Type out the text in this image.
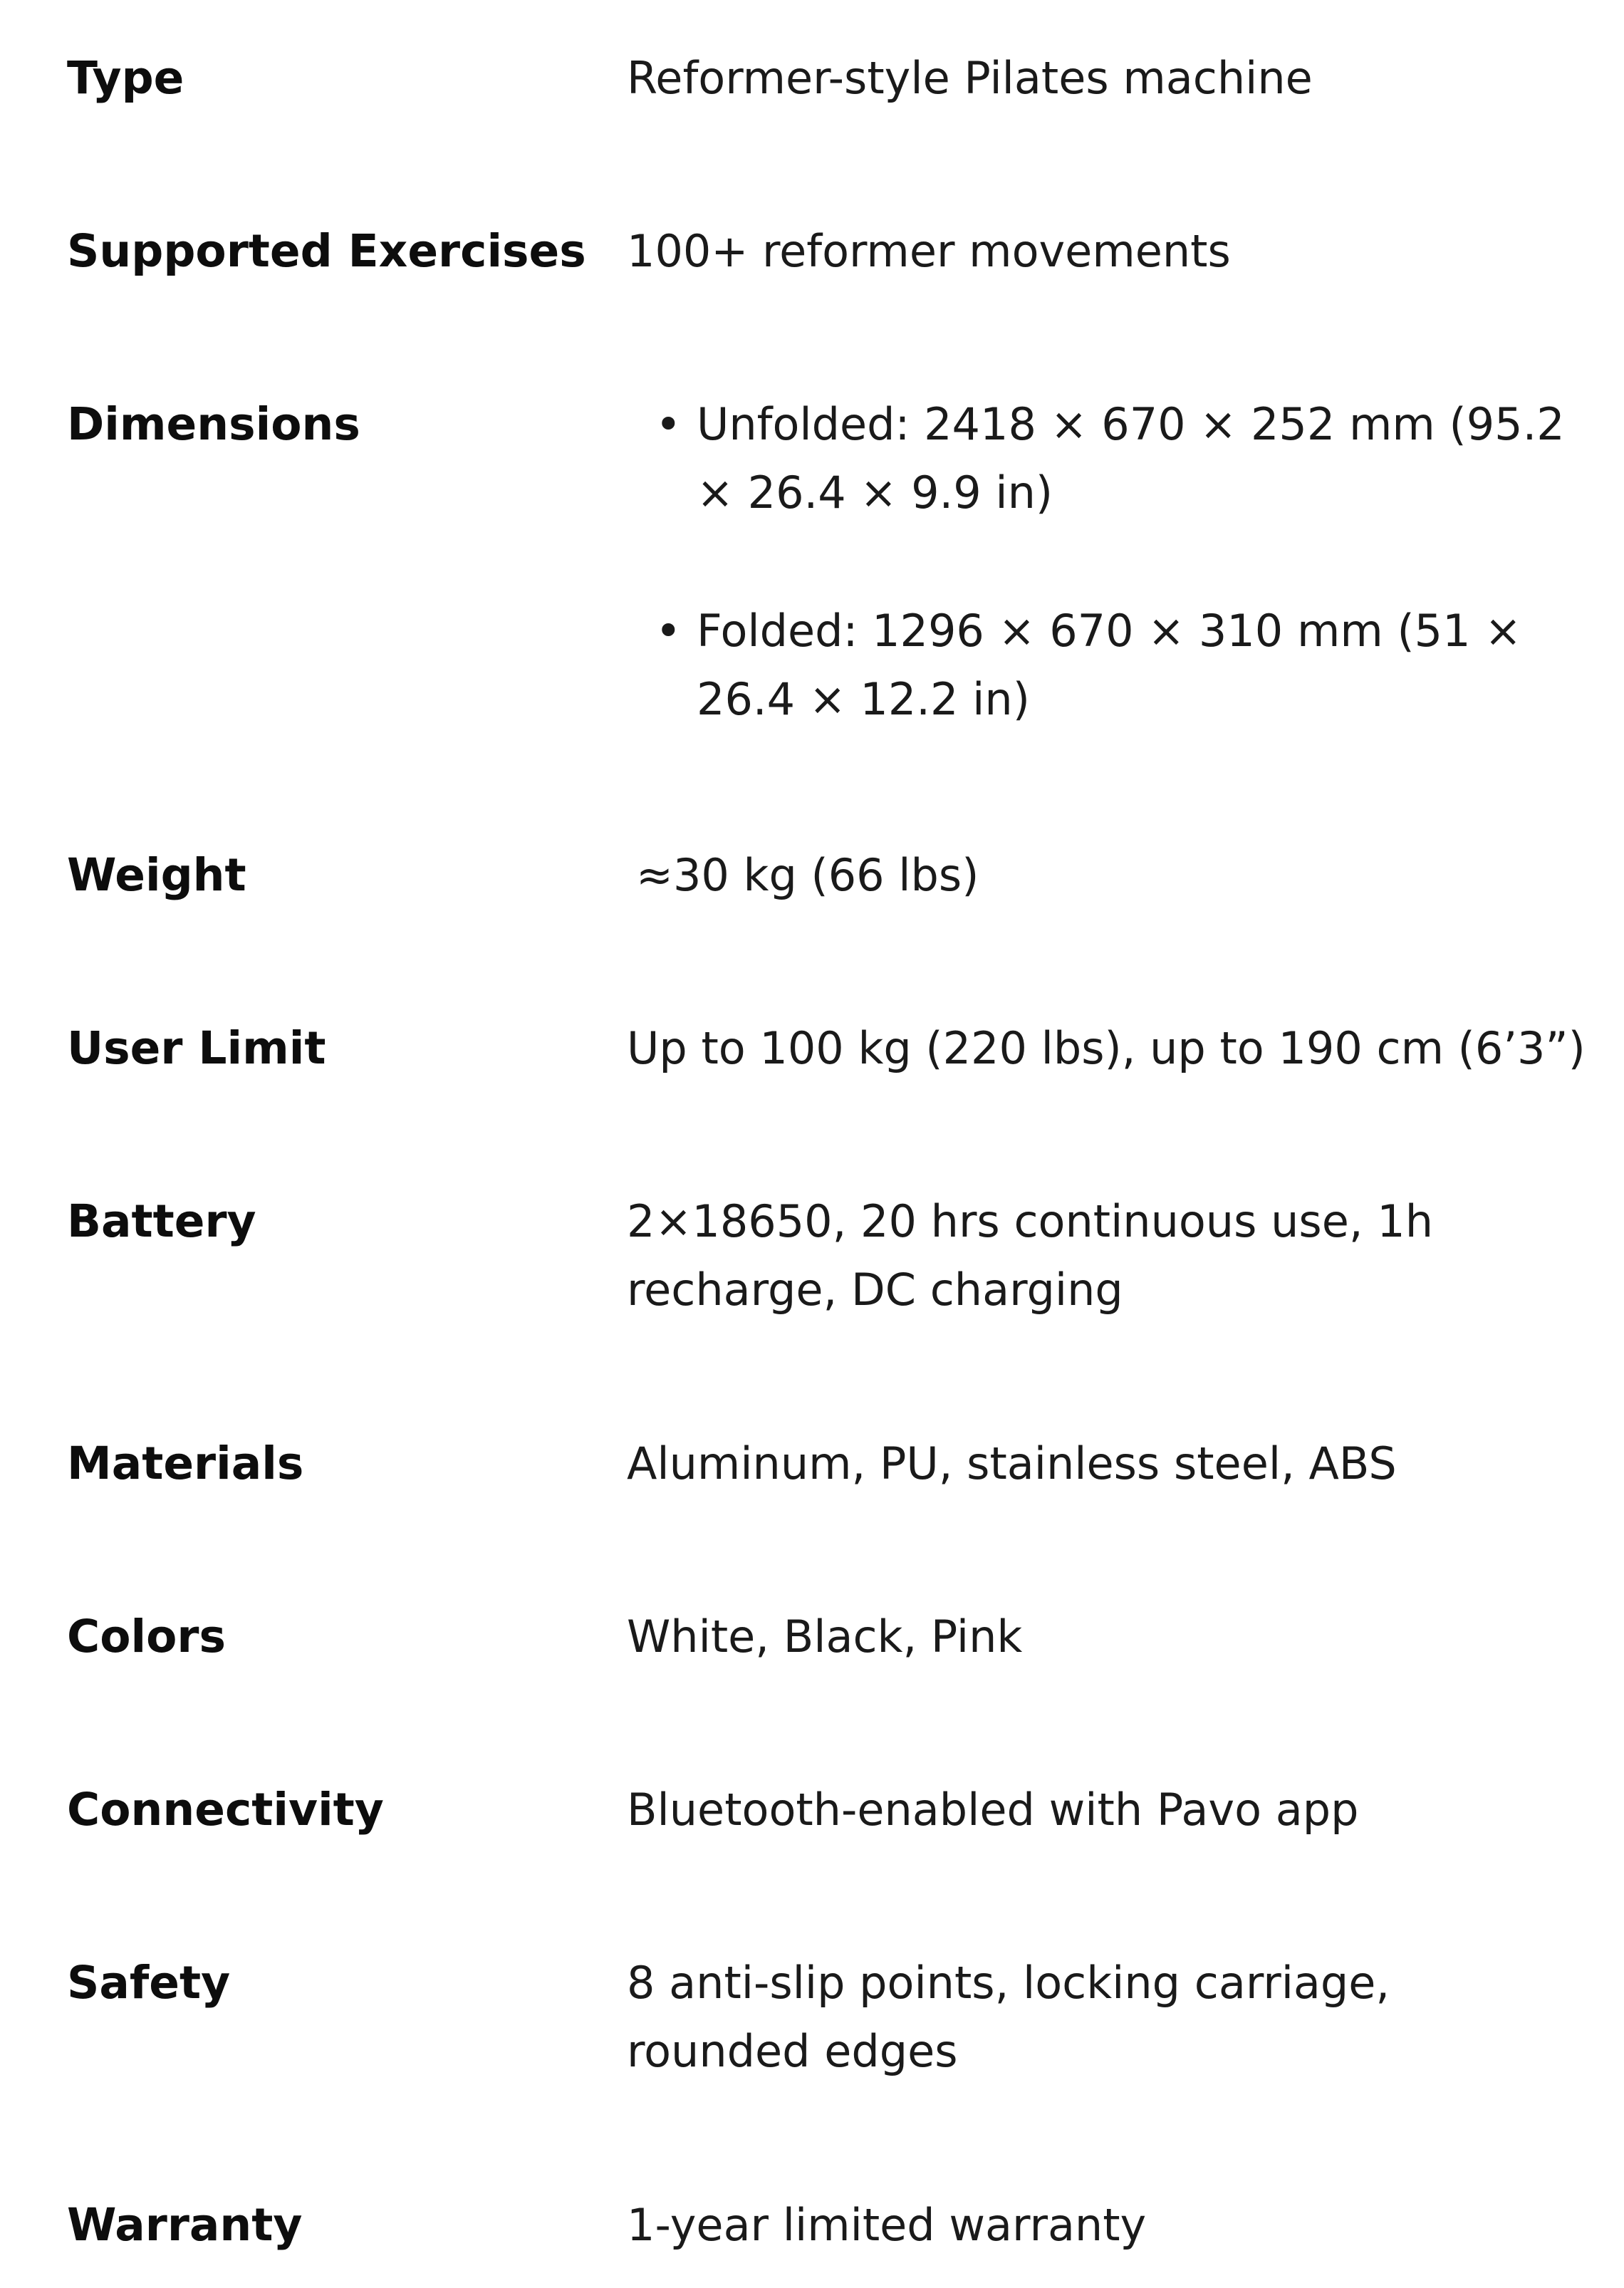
Type	Reformer-style Pilates machine
Supported Exercises 100+ reformer movements
Dimensions	• Unfolded: 2418 × 670 × 252 mm (95.2 × 26.4 × 9.9 in)
• Folded: 1296 × 670 × 310 mm (51 × 26.4 × 12.2 in)
Weight	≈30 kg (66 lbs)
User Limit	Up to 100 kg (220 lbs), up to 190 cm (6’3”)
Battery	2×18650, 20 hrs continuous use, 1h recharge, DC charging
Materials	Aluminum, PU, stainless steel, ABS
Colors	White, Black, Pink
Connectivity	Bluetooth-enabled with Pavo app
Safety	8 anti-slip points, locking carriage, rounded edges
Warranty	1-year limited warranty
